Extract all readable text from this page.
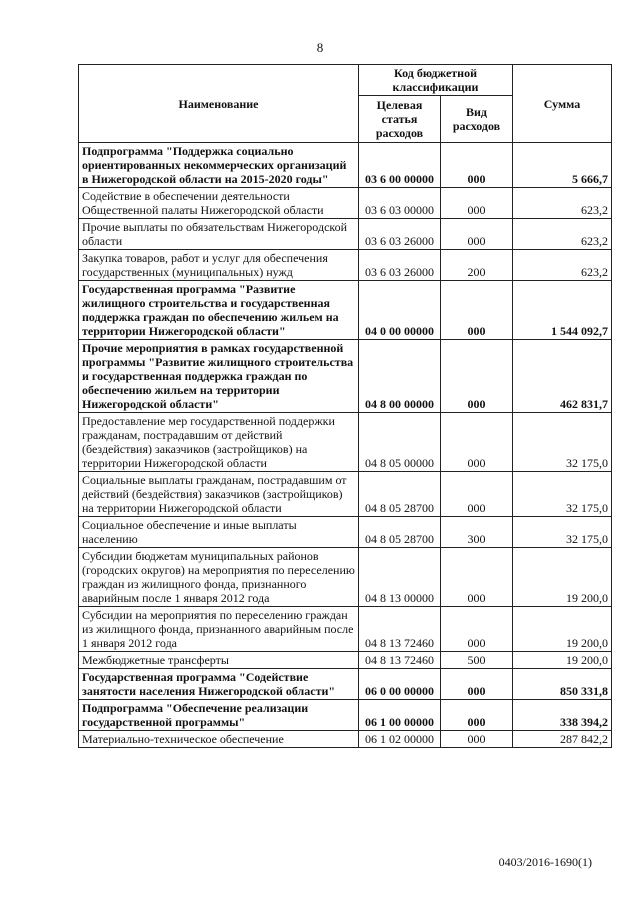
8
Наименование	Код бюджетной классификации		Сумма
	Целевая статья расходов	Вид расходов	
Подпрограмма "Поддержка социально ориентированных некоммерческих организаций в Нижегородской области на 2015-2020 годы"	03 6 00 00000	000	5 666,7
Содействие в обеспечении деятельности Общественной палаты Нижегородской области	03 6 03 00000	000	623,2
Прочие выплаты по обязательствам Нижегородской области	03 6 03 26000	000	623,2
Закупка товаров, работ и услуг для обеспечения государственных (муниципальных) нужд	03 6 03 26000	200	623,2
Государственная программа "Развитие жилищного строительства и государственная поддержка граждан по обеспечению жильем на территории Нижегородской области"	04 0 00 00000	000	1 544 092,7
Прочие мероприятия в рамках государственной программы "Развитие жилищного строительства и государственная поддержка граждан по обеспечению жильем на территории Нижегородской области"	04 8 00 00000	000	462 831,7
Предоставление мер государственной поддержки гражданам, пострадавшим от действий (бездействия) заказчиков (застройщиков) на территории Нижегородской области	04 8 05 00000	000	32 175,0
Социальные выплаты гражданам, пострадавшим от действий (бездействия) заказчиков (застройщиков) на территории Нижегородской области	04 8 05 28700	000	32 175,0
Социальное обеспечение и иные выплаты населению	04 8 05 28700	300	32 175,0
Субсидии бюджетам муниципальных районов (городских округов) на мероприятия по переселению граждан из жилищного фонда, признанного аварийным после 1 января 2012 года	04 8 13 00000	000	19 200,0
Субсидии на мероприятия по переселению граждан из жилищного фонда, признанного аварийным после 1 января 2012 года	04 8 13 72460	000	19 200,0
Межбюджетные трансферты	04 8 13 72460	500	19 200,0
Государственная программа "Содействие занятости населения Нижегородской области"	06 0 00 00000	000	850 331,8
Подпрограмма "Обеспечение реализации государственной программы"	06 1 00 00000	000	338 394,2
Материально-техническое обеспечение	06 1 02 00000	000	287 842,2
0403/2016-1690(1)
